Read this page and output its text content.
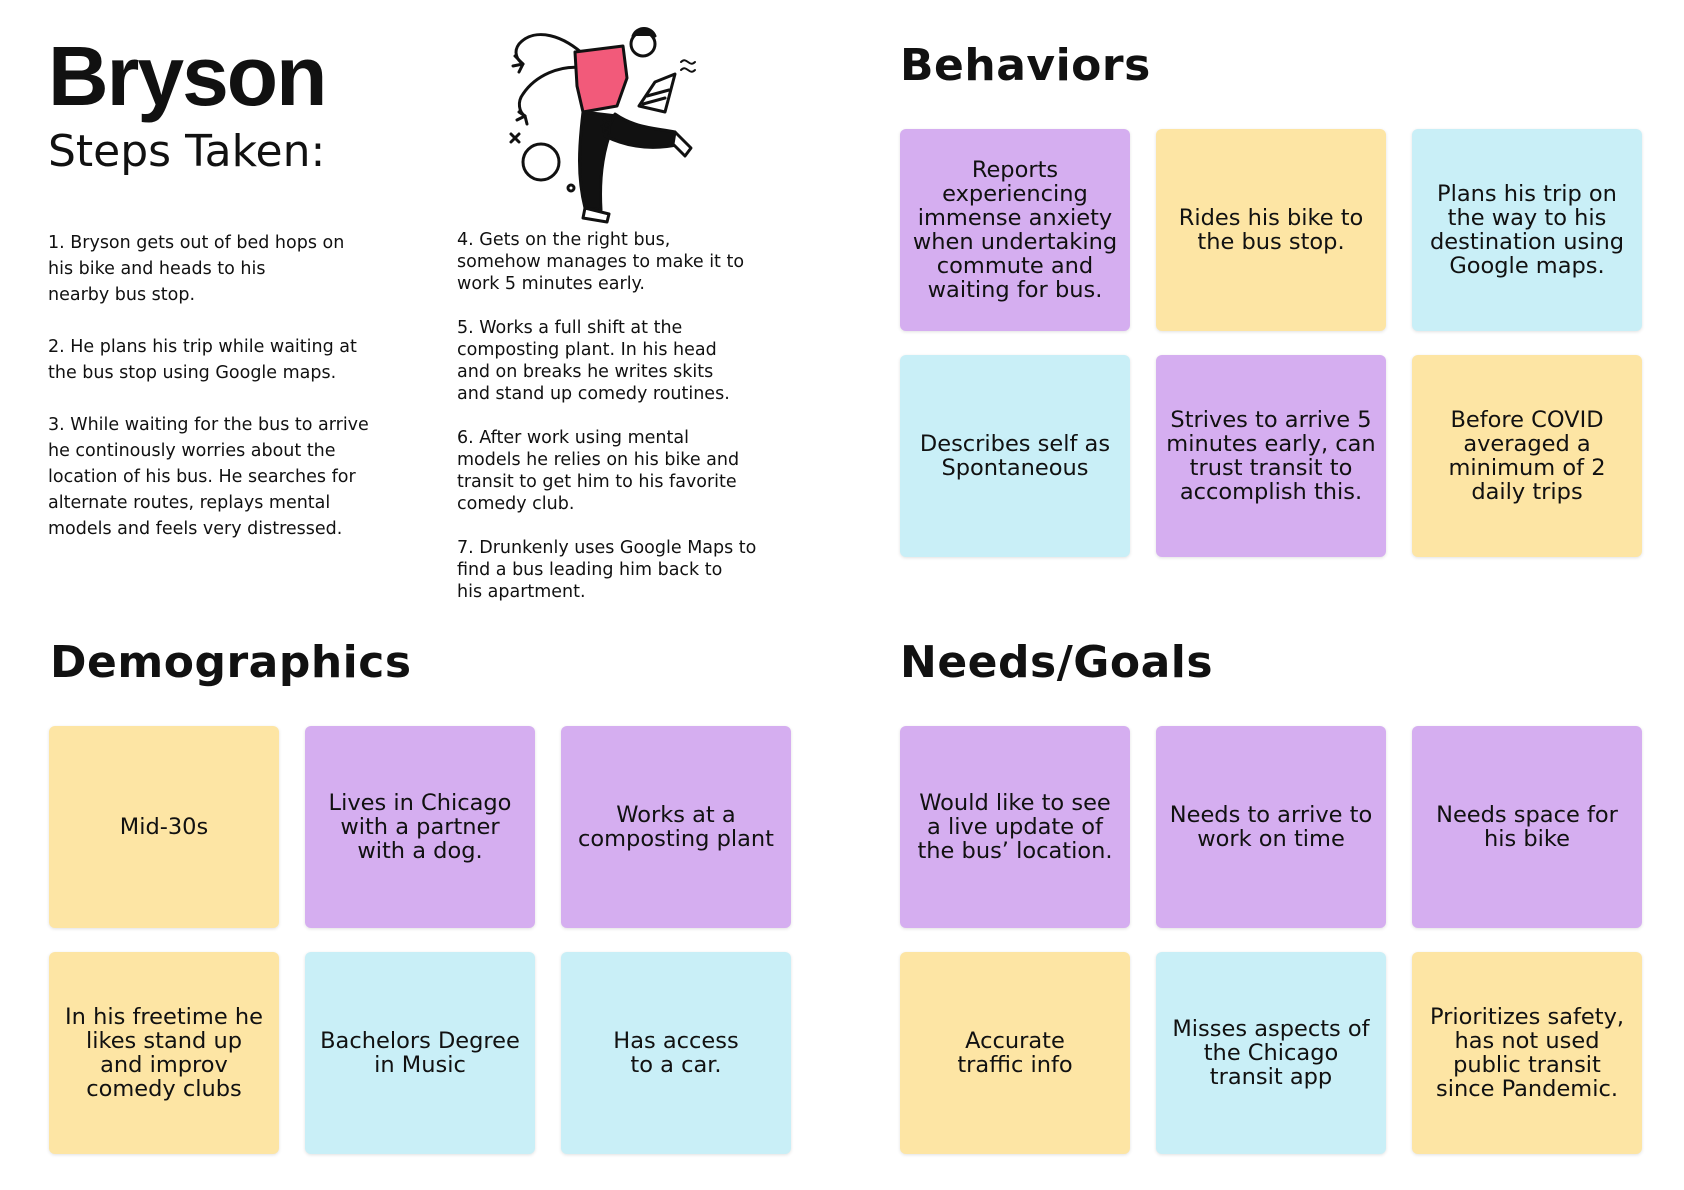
Bryson
Steps Taken:

1. Bryson gets out of bed hops on
his bike and heads to his
nearby bus stop.

2. He plans his trip while waiting at
the bus stop using Google maps.

3. While waiting for the bus to arrive
he continously worries about the
location of his bus. He searches for
alternate routes, replays mental
models and feels very distressed.

4. Gets on the right bus,
somehow manages to make it to
work 5 minutes early.

5. Works a full shift at the
composting plant. In his head
and on breaks he writes skits
and stand up comedy routines.

6. After work using mental
models he relies on his bike and
transit to get him to his favorite
comedy club.

7. Drunkenly uses Google Maps to
find a bus leading him back to
his apartment.

Behaviors
Reports
experiencing
immense anxiety
when undertaking
commute and
waiting for bus.
Rides his bike to
the bus stop.
Plans his trip on
the way to his
destination using
Google maps.
Describes self as
Spontaneous
Strives to arrive 5
minutes early, can
trust transit to
accomplish this.
Before COVID
averaged a
minimum of 2
daily trips
Demographics
Mid-30s
Lives in Chicago
with a partner
with a dog.
Works at a
composting plant
In his freetime he
likes stand up
and improv
comedy clubs
Bachelors Degree
in Music
Has access
to a car.
Needs/Goals
Would like to see
a live update of
the bus’ location.
Needs to arrive to
work on time
Needs space for
his bike
Accurate
traffic info
Misses aspects of
the Chicago
transit app
Prioritizes safety,
has not used
public transit
since Pandemic.
